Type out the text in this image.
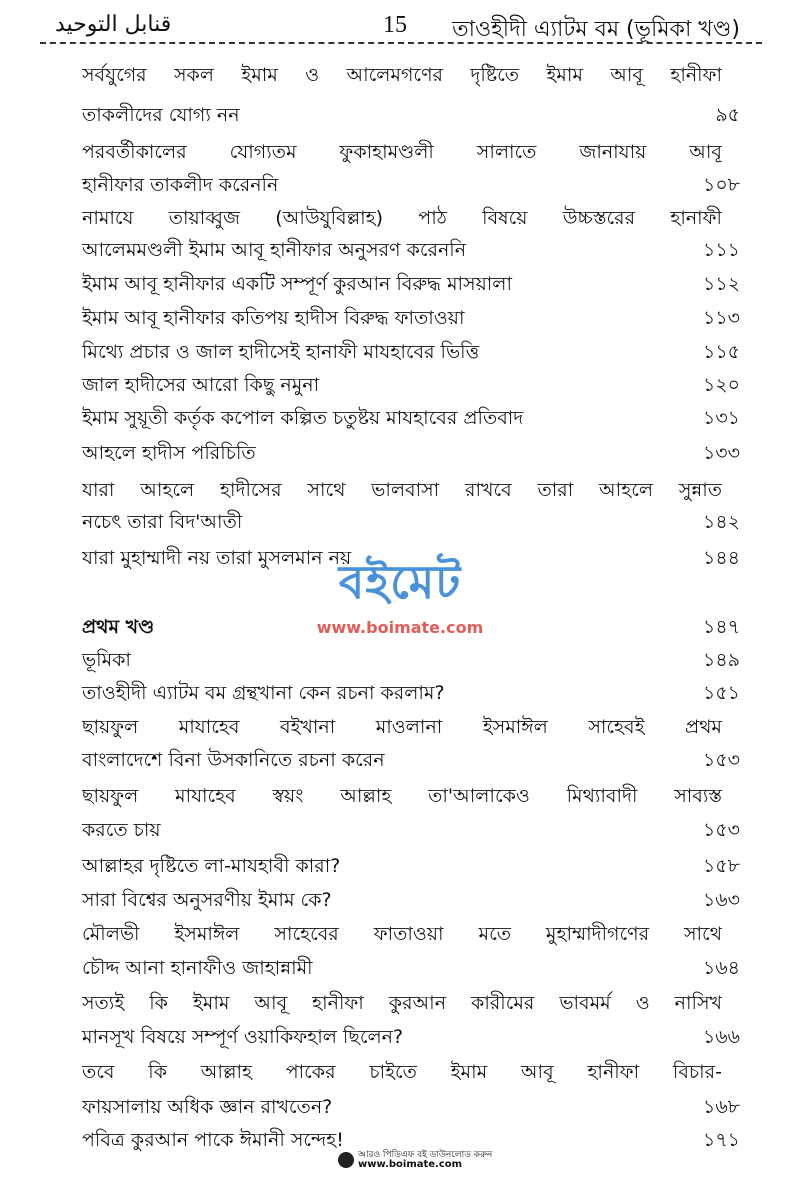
قنابل التوحيد	15 তাওহীদী এ্যাটম বম (ভূমিকা খণ্ড)
সর্বযুগের সকল ইমাম ও আলেমগণের দৃষ্টিতে ইমাম আবূ হানীফা
তাকলীদের যোগ্য নন	৯৫
পরবর্তীকালের যোগ্যতম ফুকাহামণ্ডলী সালাতে জানাযায় আবূ
হানীফার তাকলীদ করেননি	১০৮
নামাযে তায়াব্বুজ (আউযুবিল্লাহ) পাঠ বিষয়ে উচ্চস্তরের হানাফী
আলেমমণ্ডলী ইমাম আবূ হানীফার অনুসরণ করেননি	১১১
ইমাম আবূ হানীফার একটি সম্পূর্ণ কুরআন বিরুদ্ধ মাসয়ালা	১১২
ইমাম আবূ হানীফার কতিপয় হাদীস বিরুদ্ধ ফাতাওয়া	১১৩
মিথ্যে প্রচার ও জাল হাদীসেই হানাফী মাযহাবের ভিত্তি	১১৫
জাল হাদীসের আরো কিছু নমুনা	১২০
ইমাম সুয়ূতী কর্তৃক কপোল কল্পিত চতুষ্টয় মাযহাবের প্রতিবাদ	১৩১
আহলে হাদীস পরিচিতি	১৩৩
যারা আহলে হাদীসের সাথে ভালবাসা রাখবে তারা আহলে সুন্নাত
নচেৎ তারা বিদ'আতী	১৪২
যারা মুহাম্মাদী নয় তারা মুসলমান নয়	১৪৪
প্রথম খণ্ড	১৪৭
ভূমিকা	১৪৯
তাওহীদী এ্যাটম বম গ্রন্থখানা কেন রচনা করলাম?	১৫১
ছায়ফুল মাযাহেব বইখানা মাওলানা ইসমাঈল সাহেবই প্রথম
বাংলাদেশে বিনা উসকানিতে রচনা করেন	১৫৩
ছায়ফুল মাযাহেব স্বয়ং আল্লাহ তা'আলাকেও মিথ্যাবাদী সাব্যস্ত
করতে চায়	১৫৩
আল্লাহর দৃষ্টিতে লা-মাযহাবী কারা?	১৫৮
সারা বিশ্বের অনুসরণীয় ইমাম কে?	১৬৩
মৌলভী ইসমাঈল সাহেবের ফাতাওয়া মতে মুহাম্মাদীগণের সাথে
চৌদ্দ আনা হানাফীও জাহান্নামী	১৬৪
সত্যই কি ইমাম আবূ হানীফা কুরআন কারীমের ভাবমর্ম ও নাসিখ
মানসূখ বিষয়ে সম্পূর্ণ ওয়াকিফহাল ছিলেন?	১৬৬
তবে কি আল্লাহ পাকের চাইতে ইমাম আবূ হানীফা বিচার-
ফায়সালায় অধিক জ্ঞান রাখতেন?	১৬৮
পবিত্র কুরআন পাকে ঈমানী সন্দেহ!	১৭১
বইমেট
www.boimate.com
আরও পিডিএফ বই ডাউনলোড করুন
www.boimate.com
